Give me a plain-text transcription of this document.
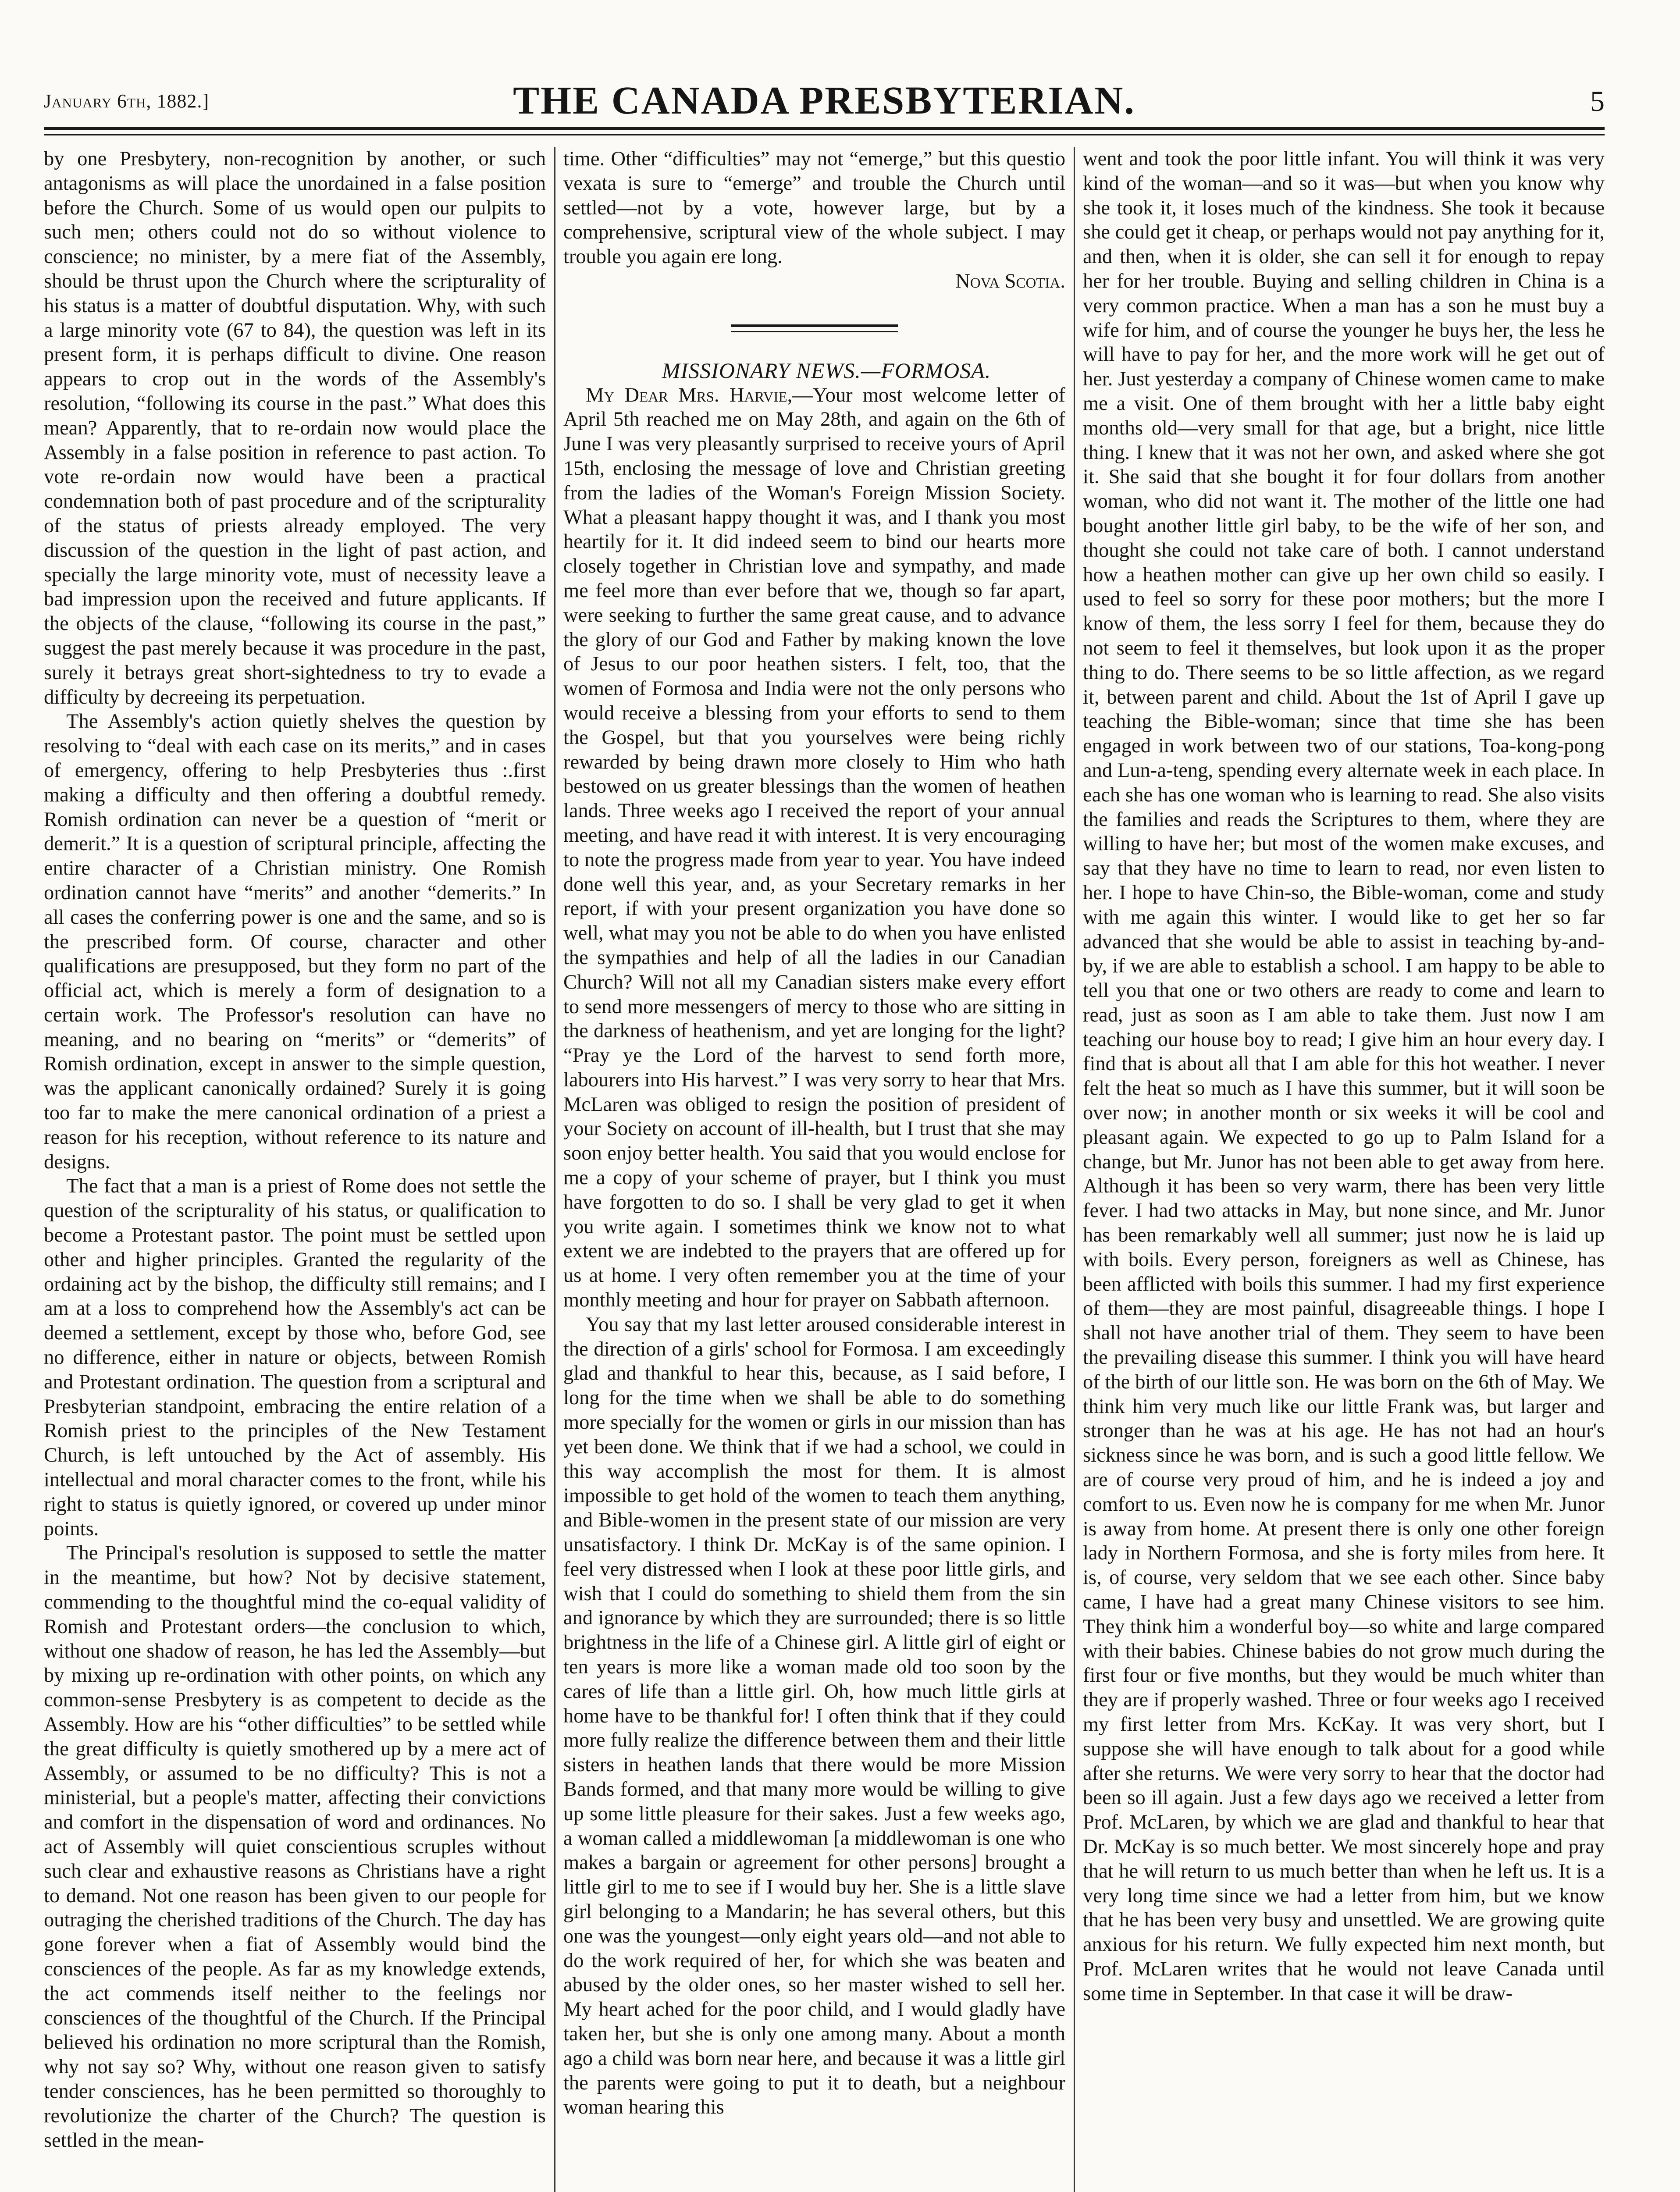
January 6th, 1882.]	THE CANADA PRESBYTERIAN.	5

by one Presbytery, non-recognition by another, or such antagonisms as will place the unordained in a false position before the Church. Some of us would open our pulpits to such men; others could not do so without violence to conscience; no minister, by a mere fiat of the Assembly, should be thrust upon the Church where the scripturality of his status is a matter of doubtful disputation. Why, with such a large minority vote (67 to 84), the question was left in its present form, it is perhaps difficult to divine. One reason appears to crop out in the words of the Assembly's resolution, “following its course in the past.” What does this mean? Apparently, that to re-ordain now would place the Assembly in a false position in reference to past action. To vote re-ordain now would have been a practical condemnation both of past procedure and of the scripturality of the status of priests already employed. The very discussion of the question in the light of past action, and specially the large minority vote, must of necessity leave a bad impression upon the received and future applicants. If the objects of the clause, “following its course in the past,” suggest the past merely because it was procedure in the past, surely it betrays great short-sightedness to try to evade a difficulty by decreeing its perpetuation.

The Assembly's action quietly shelves the question by resolving to “deal with each case on its merits,” and in cases of emergency, offering to help Presbyteries thus :.first making a difficulty and then offering a doubtful remedy. Romish ordination can never be a question of “merit or demerit.” It is a question of scriptural principle, affecting the entire character of a Christian ministry. One Romish ordination cannot have “merits” and another “demerits.” In all cases the conferring power is one and the same, and so is the prescribed form. Of course, character and other qualifications are presupposed, but they form no part of the official act, which is merely a form of designation to a certain work. The Professor's resolution can have no meaning, and no bearing on “merits” or “demerits” of Romish ordination, except in answer to the simple question, was the applicant canonically ordained? Surely it is going too far to make the mere canonical ordination of a priest a reason for his reception, without reference to its nature and designs.

The fact that a man is a priest of Rome does not settle the question of the scripturality of his status, or qualification to become a Protestant pastor. The point must be settled upon other and higher principles. Granted the regularity of the ordaining act by the bishop, the difficulty still remains; and I am at a loss to comprehend how the Assembly's act can be deemed a settlement, except by those who, before God, see no difference, either in nature or objects, between Romish and Protestant ordination. The question from a scriptural and Presbyterian standpoint, embracing the entire relation of a Romish priest to the principles of the New Testament Church, is left untouched by the Act of assembly. His intellectual and moral character comes to the front, while his right to status is quietly ignored, or covered up under minor points.

The Principal's resolution is supposed to settle the matter in the meantime, but how? Not by decisive statement, commending to the thoughtful mind the co-equal validity of Romish and Protestant orders—the conclusion to which, without one shadow of reason, he has led the Assembly—but by mixing up re-ordination with other points, on which any common-sense Presbytery is as competent to decide as the Assembly. How are his “other difficulties” to be settled while the great difficulty is quietly smothered up by a mere act of Assembly, or assumed to be no difficulty? This is not a ministerial, but a people's matter, affecting their convictions and comfort in the dispensation of word and ordinances. No act of Assembly will quiet conscientious scruples without such clear and exhaustive reasons as Christians have a right to demand. Not one reason has been given to our people for outraging the cherished traditions of the Church. The day has gone forever when a fiat of Assembly would bind the consciences of the people. As far as my knowledge extends, the act commends itself neither to the feelings nor consciences of the thoughtful of the Church. If the Principal believed his ordination no more scriptural than the Romish, why not say so? Why, without one reason given to satisfy tender consciences, has he been permitted so thoroughly to revolutionize the charter of the Church? The question is settled in the mean-

time. Other “difficulties” may not “emerge,” but this questio vexata is sure to “emerge” and trouble the Church until settled—not by a vote, however large, but by a comprehensive, scriptural view of the whole subject. I may trouble you again ere long.

Nova Scotia.

MISSIONARY NEWS.—FORMOSA.

My Dear Mrs. Harvie,—Your most welcome letter of April 5th reached me on May 28th, and again on the 6th of June I was very pleasantly surprised to receive yours of April 15th, enclosing the message of love and Christian greeting from the ladies of the Woman's Foreign Mission Society. What a pleasant happy thought it was, and I thank you most heartily for it. It did indeed seem to bind our hearts more closely together in Christian love and sympathy, and made me feel more than ever before that we, though so far apart, were seeking to further the same great cause, and to advance the glory of our God and Father by making known the love of Jesus to our poor heathen sisters. I felt, too, that the women of Formosa and India were not the only persons who would receive a blessing from your efforts to send to them the Gospel, but that you yourselves were being richly rewarded by being drawn more closely to Him who hath bestowed on us greater blessings than the women of heathen lands. Three weeks ago I received the report of your annual meeting, and have read it with interest. It is very encouraging to note the progress made from year to year. You have indeed done well this year, and, as your Secretary remarks in her report, if with your present organization you have done so well, what may you not be able to do when you have enlisted the sympathies and help of all the ladies in our Canadian Church? Will not all my Canadian sisters make every effort to send more messengers of mercy to those who are sitting in the darkness of heathenism, and yet are longing for the light? “Pray ye the Lord of the harvest to send forth more, labourers into His harvest.” I was very sorry to hear that Mrs. McLaren was obliged to resign the position of president of your Society on account of ill-health, but I trust that she may soon enjoy better health. You said that you would enclose for me a copy of your scheme of prayer, but I think you must have forgotten to do so. I shall be very glad to get it when you write again. I sometimes think we know not to what extent we are indebted to the prayers that are offered up for us at home. I very often remember you at the time of your monthly meeting and hour for prayer on Sabbath afternoon.

You say that my last letter aroused considerable interest in the direction of a girls' school for Formosa. I am exceedingly glad and thankful to hear this, because, as I said before, I long for the time when we shall be able to do something more specially for the women or girls in our mission than has yet been done. We think that if we had a school, we could in this way accomplish the most for them. It is almost impossible to get hold of the women to teach them anything, and Bible-women in the present state of our mission are very unsatisfactory. I think Dr. McKay is of the same opinion. I feel very distressed when I look at these poor little girls, and wish that I could do something to shield them from the sin and ignorance by which they are surrounded; there is so little brightness in the life of a Chinese girl. A little girl of eight or ten years is more like a woman made old too soon by the cares of life than a little girl. Oh, how much little girls at home have to be thankful for! I often think that if they could more fully realize the difference between them and their little sisters in heathen lands that there would be more Mission Bands formed, and that many more would be willing to give up some little pleasure for their sakes. Just a few weeks ago, a woman called a middlewoman [a middlewoman is one who makes a bargain or agreement for other persons] brought a little girl to me to see if I would buy her. She is a little slave girl belonging to a Mandarin; he has several others, but this one was the youngest—only eight years old—and not able to do the work required of her, for which she was beaten and abused by the older ones, so her master wished to sell her. My heart ached for the poor child, and I would gladly have taken her, but she is only one among many. About a month ago a child was born near here, and because it was a little girl the parents were going to put it to death, but a neighbour woman hearing this

went and took the poor little infant. You will think it was very kind of the woman—and so it was—but when you know why she took it, it loses much of the kindness. She took it because she could get it cheap, or perhaps would not pay anything for it, and then, when it is older, she can sell it for enough to repay her for her trouble. Buying and selling children in China is a very common practice. When a man has a son he must buy a wife for him, and of course the younger he buys her, the less he will have to pay for her, and the more work will he get out of her. Just yesterday a company of Chinese women came to make me a visit. One of them brought with her a little baby eight months old—very small for that age, but a bright, nice little thing. I knew that it was not her own, and asked where she got it. She said that she bought it for four dollars from another woman, who did not want it. The mother of the little one had bought another little girl baby, to be the wife of her son, and thought she could not take care of both. I cannot understand how a heathen mother can give up her own child so easily. I used to feel so sorry for these poor mothers; but the more I know of them, the less sorry I feel for them, because they do not seem to feel it themselves, but look upon it as the proper thing to do. There seems to be so little affection, as we regard it, between parent and child. About the 1st of April I gave up teaching the Bible-woman; since that time she has been engaged in work between two of our stations, Toa-kong-pong and Lun-a-teng, spending every alternate week in each place. In each she has one woman who is learning to read. She also visits the families and reads the Scriptures to them, where they are willing to have her; but most of the women make excuses, and say that they have no time to learn to read, nor even listen to her. I hope to have Chin-so, the Bible-woman, come and study with me again this winter. I would like to get her so far advanced that she would be able to assist in teaching by-and-by, if we are able to establish a school. I am happy to be able to tell you that one or two others are ready to come and learn to read, just as soon as I am able to take them. Just now I am teaching our house boy to read; I give him an hour every day. I find that is about all that I am able for this hot weather. I never felt the heat so much as I have this summer, but it will soon be over now; in another month or six weeks it will be cool and pleasant again. We expected to go up to Palm Island for a change, but Mr. Junor has not been able to get away from here. Although it has been so very warm, there has been very little fever. I had two attacks in May, but none since, and Mr. Junor has been remarkably well all summer; just now he is laid up with boils. Every person, foreigners as well as Chinese, has been afflicted with boils this summer. I had my first experience of them—they are most painful, disagreeable things. I hope I shall not have another trial of them. They seem to have been the prevailing disease this summer. I think you will have heard of the birth of our little son. He was born on the 6th of May. We think him very much like our little Frank was, but larger and stronger than he was at his age. He has not had an hour's sickness since he was born, and is such a good little fellow. We are of course very proud of him, and he is indeed a joy and comfort to us. Even now he is company for me when Mr. Junor is away from home. At present there is only one other foreign lady in Northern Formosa, and she is forty miles from here. It is, of course, very seldom that we see each other. Since baby came, I have had a great many Chinese visitors to see him. They think him a wonderful boy—so white and large compared with their babies. Chinese babies do not grow much during the first four or five months, but they would be much whiter than they are if properly washed. Three or four weeks ago I received my first letter from Mrs. KcKay. It was very short, but I suppose she will have enough to talk about for a good while after she returns. We were very sorry to hear that the doctor had been so ill again. Just a few days ago we received a letter from Prof. McLaren, by which we are glad and thankful to hear that Dr. McKay is so much better. We most sincerely hope and pray that he will return to us much better than when he left us. It is a very long time since we had a letter from him, but we know that he has been very busy and unsettled. We are growing quite anxious for his return. We fully expected him next month, but Prof. McLaren writes that he would not leave Canada until some time in September. In that case it will be draw-
